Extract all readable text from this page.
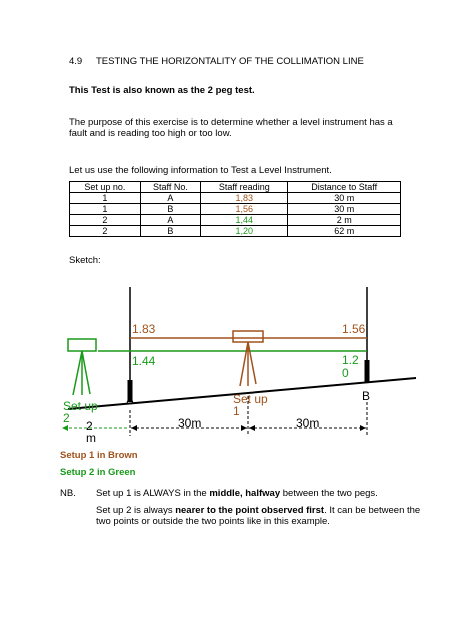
4.9 TESTING THE HORIZONTALITY OF THE COLLIMATION LINE
This Test is also known as the 2 peg test.
The purpose of this exercise is to determine whether a level instrument has a
fault and is reading too high or too low.
Let us use the following information to Test a Level Instrument.
Set up no.	Staff No.	Staff reading	Distance to Staff
1	A	1,83	30 m
1	B	1,56	30 m
2	A	1,44	2 m
2	B	1,20	62 m
Sketch:
1.83	1.56
1.44	1.2
0
A	B
Set up
2
Set up
1
2
m
30m	30m
Setup 1 in Brown
Setup 2 in Green
NB. Set up 1 is ALWAYS in the middle, halfway between the two pegs.
Set up 2 is always nearer to the point observed first. It can be between the
two points or outside the two points like in this example.
